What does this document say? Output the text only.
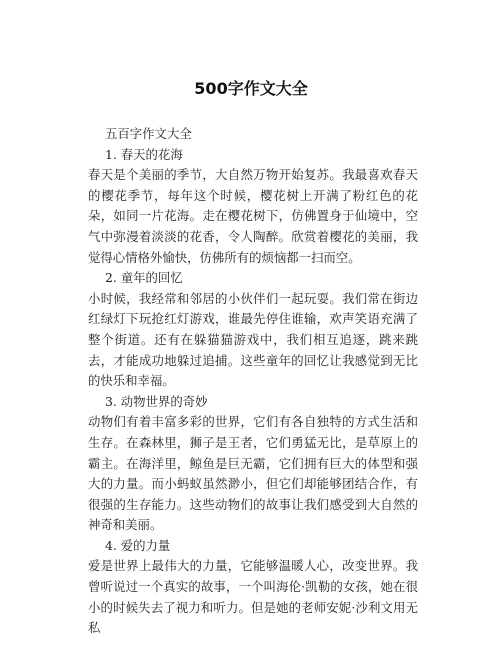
500字作文大全

五百字作文大全

1. 春天的花海

春天是个美丽的季节，大自然万物开始复苏。我最喜欢春天的樱花季节，每年这个时候，樱花树上开满了粉红色的花朵，如同一片花海。走在樱花树下，仿佛置身于仙境中，空气中弥漫着淡淡的花香，令人陶醉。欣赏着樱花的美丽，我觉得心情格外愉快，仿佛所有的烦恼都一扫而空。

2. 童年的回忆

小时候，我经常和邻居的小伙伴们一起玩耍。我们常在街边红绿灯下玩抢红灯游戏，谁最先停住谁输，欢声笑语充满了整个街道。还有在躲猫猫游戏中，我们相互追逐，跳来跳去，才能成功地躲过追捕。这些童年的回忆让我感觉到无比的快乐和幸福。

3. 动物世界的奇妙

动物们有着丰富多彩的世界，它们有各自独特的方式生活和生存。在森林里，狮子是王者，它们勇猛无比，是草原上的霸主。在海洋里，鲸鱼是巨无霸，它们拥有巨大的体型和强大的力量。而小蚂蚁虽然渺小，但它们却能够团结合作，有很强的生存能力。这些动物们的故事让我们感受到大自然的神奇和美丽。

4. 爱的力量

爱是世界上最伟大的力量，它能够温暖人心，改变世界。我曾听说过一个真实的故事，一个叫海伦·凯勒的女孩，她在很小的时候失去了视力和听力。但是她的老师安妮·沙利文用无私
